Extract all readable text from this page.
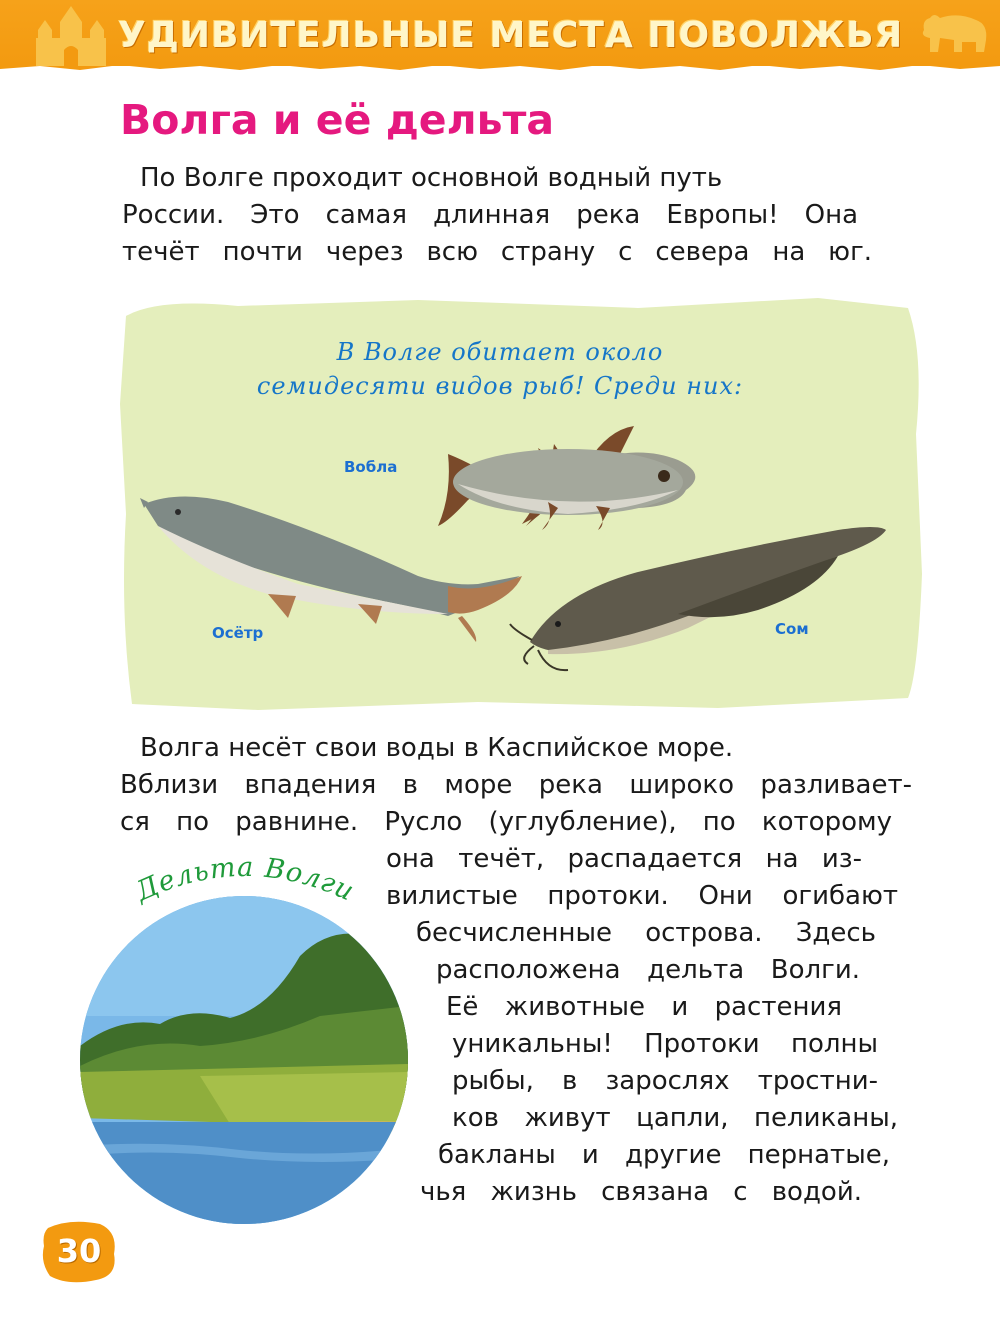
УДИВИТЕЛЬНЫЕ МЕСТА ПОВОЛЖЬЯ
Волга и её дельта
По Волге проходит основной водный путь
России. Это самая длинная река Европы! Она
течёт почти через всю страну с севера на юг.
В Волге обитает около
семидесяти видов рыб! Среди них:
Вобла
Осётр	Сом
Волга несёт свои воды в Каспийское море.
Вблизи впадения в море река широко разливает-
ся по равнине. Русло (углубление), по которому
она течёт, распадается на из-
вилистые протоки. Они огибают
бесчисленные острова. Здесь
расположена дельта Волги.
Её животные и растения
уникальны! Протоки полны
рыбы, в зарослях тростни-
ков живут цапли, пеликаны,
бакланы и другие пернатые,
чья жизнь связана с водой.
Дельта Волги
30
